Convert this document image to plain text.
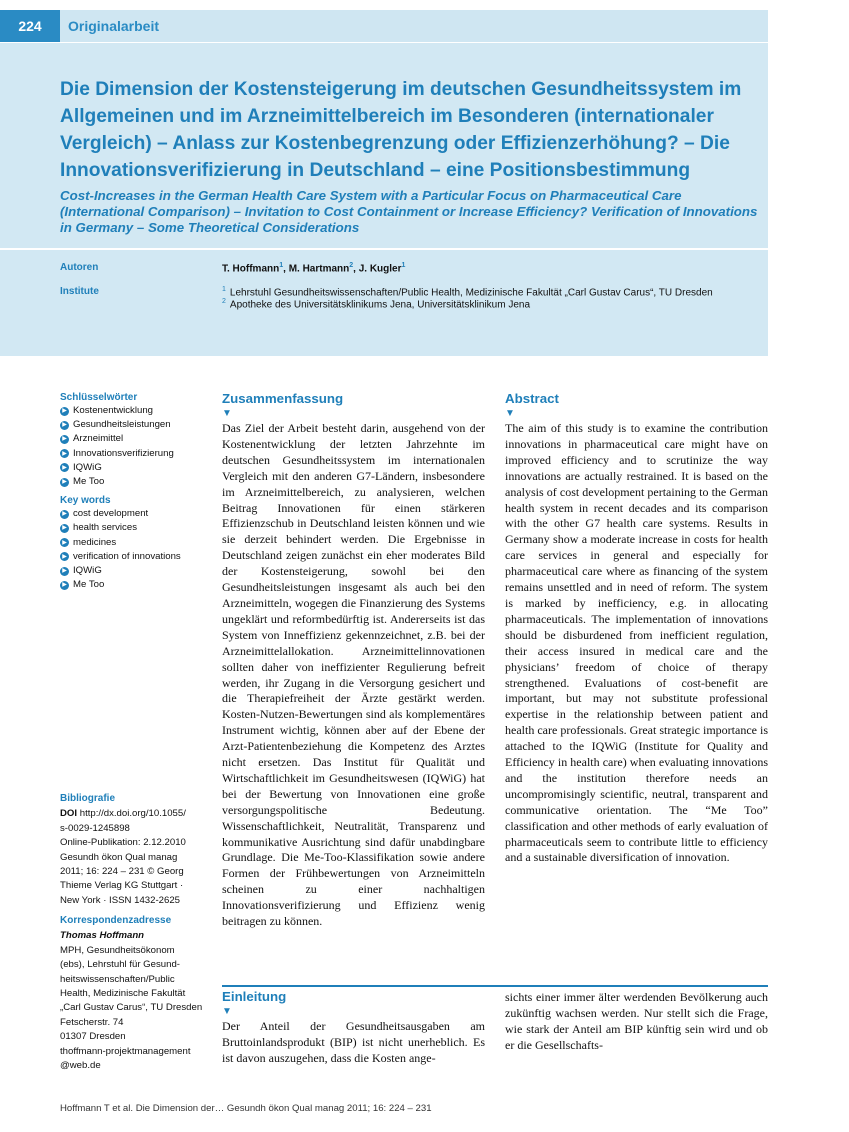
224	Originalarbeit
Die Dimension der Kostensteigerung im deutschen Gesundheitssystem im Allgemeinen und im Arzneimittelbereich im Besonderen (internationaler Vergleich) – Anlass zur Kostenbegrenzung oder Effizienzerhöhung? – Die Innovationsverifizierung in Deutschland – eine Positionsbestimmung
Cost-Increases in the German Health Care System with a Particular Focus on Pharmaceutical Care (International Comparison) – Invitation to Cost Containment or Increase Efficiency? Verification of Innovations in Germany – Some Theoretical Considerations
Autoren
Institute
T. Hoffmann$^1$, M. Hartmann$^2$, J. Kugler$^1$
$^1$ Lehrstuhl Gesundheitswissenschaften/Public Health, Medizinische Fakultät „Carl Gustav Carus“, TU Dresden
$^2$ Apotheke des Universitätsklinikums Jena, Universitätsklinikum Jena
Schlüsselwörter
▶ Kostenentwicklung
▶ Gesundheitsleistungen
▶ Arzneimittel
▶ Innovationsverifizierung
▶ IQWiG
▶ Me Too
Key words
▶ cost development
▶ health services
▶ medicines
▶ verification of innovations
▶ IQWiG
▶ Me Too
Bibliografie
DOI http://dx.doi.org/10.1055/
s-0029-1245898
Online-Publikation: 2.12.2010
Gesundh ökon Qual manag
2011; 16: 224 – 231 © Georg
Thieme Verlag KG Stuttgart ·
New York · ISSN 1432-2625
Korrespondenzadresse
Thomas Hoffmann
MPH, Gesundheitsökonom
(ebs), Lehrstuhl für Gesund-
heitswissenschaften/Public
Health, Medizinische Fakultät
„Carl Gustav Carus“, TU Dresden
Fetscherstr. 74
01307 Dresden
thoffmann-projektmanagement
@web.de
Zusammenfassung
▼

Das Ziel der Arbeit besteht darin, ausgehend von der Kostenentwicklung der letzten Jahrzehnte im deutschen Gesundheitssystem im internationalen Vergleich mit den anderen G7-Ländern, insbesondere im Arzneimittelbereich, zu analysieren, welchen Beitrag Innovationen für einen stärkeren Effizienzschub in Deutschland leisten können und wie sie derzeit behindert werden. Die Ergebnisse in Deutschland zeigen zunächst ein eher moderates Bild der Kostensteigerung, sowohl bei den Gesundheitsleistungen insgesamt als auch bei den Arzneimitteln, wogegen die Finanzierung des Systems ungeklärt und reformbedürftig ist. Andererseits ist das System von Inneffizienz gekennzeichnet, z.B. bei der Arzneimittelallokation. Arzneimittelinnovationen sollten daher von ineffizienter Regulierung befreit werden, ihr Zugang in die Versorgung gesichert und die Therapiefreiheit der Ärzte gestärkt werden. Kosten-Nutzen-Bewertungen sind als komplementäres Instrument wichtig, können aber auf der Ebene der Arzt-Patientenbeziehung die Kompetenz des Arztes nicht ersetzen. Das Institut für Qualität und Wirtschaftlichkeit im Gesundheitswesen (IQWiG) hat bei der Bewertung von Innovationen eine große versorgungspolitische Bedeutung. Wissenschaftlichkeit, Neutralität, Transparenz und kommunikative Ausrichtung sind dafür unabdingbare Grundlage. Die Me-Too-Klassifikation sowie andere Formen der Frühbewertungen von Arzneimitteln scheinen zu einer nachhaltigen Innovationsverifizierung und Effizienz wenig beitragen zu können.

Abstract
▼

The aim of this study is to examine the contribution innovations in pharmaceutical care might have on improved efficiency and to scrutinize the way innovations are actually restrained. It is based on the analysis of cost development pertaining to the German health system in recent decades and its comparison with the other G7 health care systems. Results in Germany show a moderate increase in costs for health care services in general and especially for pharmaceutical care where as financing of the system remains unsettled and in need of reform. The system is marked by inefficiency, e.g. in allocating pharmaceuticals. The implementation of innovations should be disburdened from inefficient regulation, their access insured in medical care and the physicians’ freedom of choice of therapy strengthened. Evaluations of cost-benefit are important, but may not substitute professional expertise in the relationship between patient and health care professionals. Great strategic importance is attached to the IQWiG (Institute for Quality and Efficiency in health care) when evaluating innovations and the institution therefore needs an uncompromisingly scientific, neutral, transparent and communicative orientation. The “Me Too” classification and other methods of early evaluation of pharmaceuticals seem to contribute little to efficiency and a sustainable diversification of innovation.

Einleitung
▼

Der Anteil der Gesundheitsausgaben am Bruttoinlandsprodukt (BIP) ist nicht unerheblich. Es ist davon auszugehen, dass die Kosten ange-

sichts einer immer älter werdenden Bevölkerung auch zukünftig wachsen werden. Nur stellt sich die Frage, wie stark der Anteil am BIP künftig sein wird und ob er die Gesellschafts-

Hoffmann T et al. Die Dimension der… Gesundh ökon Qual manag 2011; 16: 224 – 231
